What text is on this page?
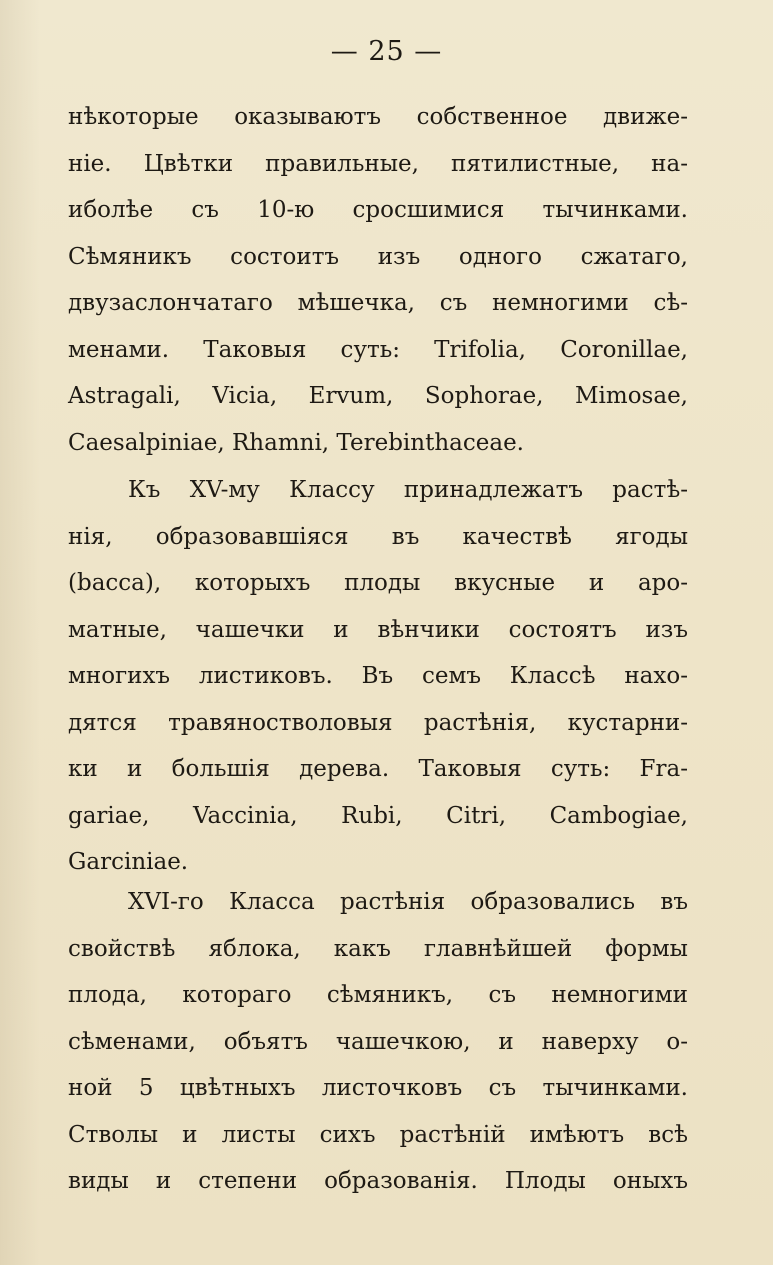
— 25 —
нѣкоторые оказываютъ собственное движе-
ніе. Цвѣтки правильные, пятилистные, на-
иболѣе съ 10-ю сросшимися тычинками.
Сѣмяникъ состоитъ изъ одного сжатаго,
двузаслончатаго мѣшечка, съ немногими сѣ-
менами. Таковыя суть: Trifolia, Coronillae,
Astragali, Vicia, Ervum, Sophorae, Mimosae,
Caesalpiniae, Rhamni, Terebinthaceae.
Къ XV-му Классу принадлежатъ растѣ-
нія, образовавшіяся въ качествѣ ягоды
(bacca), которыхъ плоды вкусные и аро-
матные, чашечки и вѣнчики состоятъ изъ
многихъ листиковъ. Въ семъ Классѣ нахо-
дятся травяностволовыя растѣнія, кустарни-
ки и большія дерева. Таковыя суть: Fra-
gariae, Vaccinia, Rubi, Citri, Cambogiae,
Garciniae.
XVI-го Класса растѣнія образовались въ
свойствѣ яблока, какъ главнѣйшей формы
плода, котораго сѣмяникъ, съ немногими
сѣменами, объятъ чашечкою, и наверху о-
ной 5 цвѣтныхъ листочковъ съ тычинками.
Стволы и листы сихъ растѣній имѣютъ всѣ
виды и степени образованія. Плоды оныхъ
